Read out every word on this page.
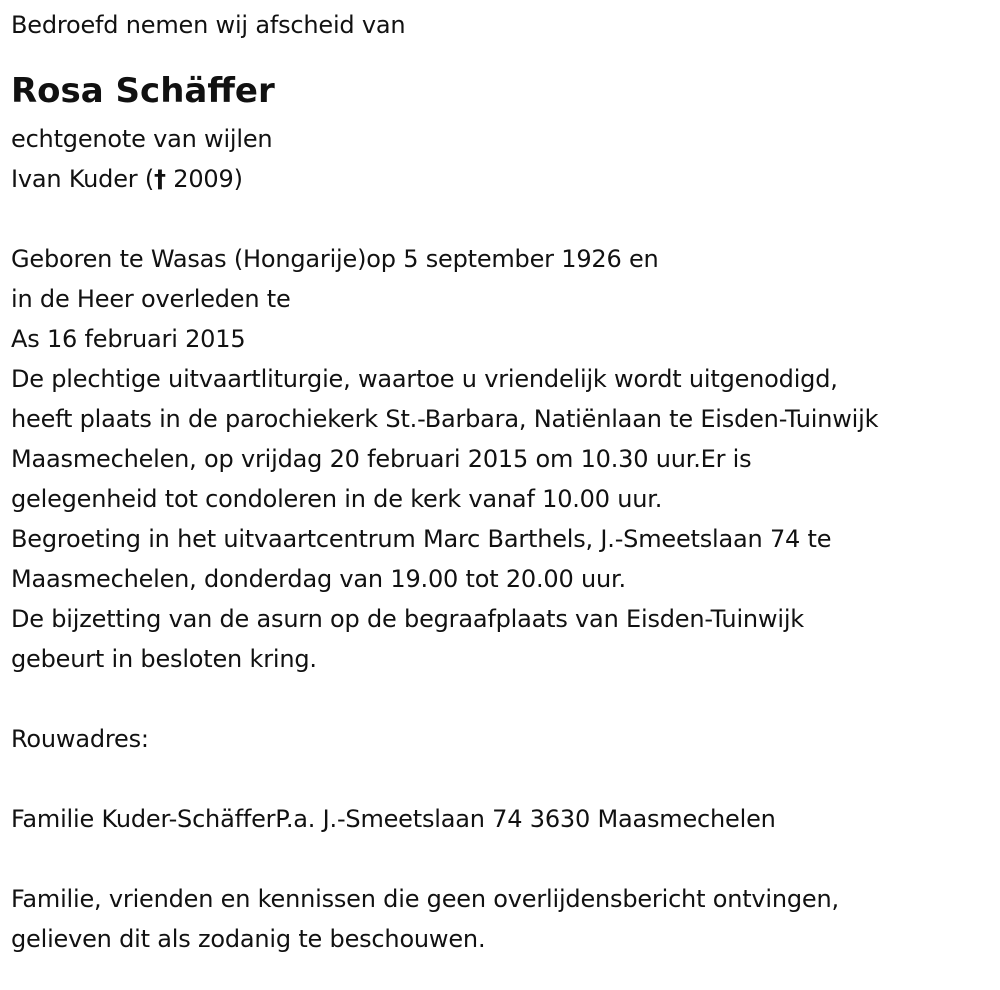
Bedroefd nemen wij afscheid van
Rosa Schäffer
echtgenote van wijlen
Ivan Kuder († 2009)
Geboren te Wasas (Hongarije)op 5 september 1926 en
in de Heer overleden te
As 16 februari 2015
De plechtige uitvaartliturgie, waartoe u vriendelijk wordt uitgenodigd,
heeft plaats in de parochiekerk St.-Barbara, Natiënlaan te Eisden-Tuinwijk
Maasmechelen, op vrijdag 20 februari 2015 om 10.30 uur.Er is
gelegenheid tot condoleren in de kerk vanaf 10.00 uur.
Begroeting in het uitvaartcentrum Marc Barthels, J.-Smeetslaan 74 te
Maasmechelen, donderdag van 19.00 tot 20.00 uur.
De bijzetting van de asurn op de begraafplaats van Eisden-Tuinwijk
gebeurt in besloten kring.
Rouwadres:
Familie Kuder-SchäfferP.a. J.-Smeetslaan 74 3630 Maasmechelen
Familie, vrienden en kennissen die geen overlijdensbericht ontvingen,
gelieven dit als zodanig te beschouwen.
